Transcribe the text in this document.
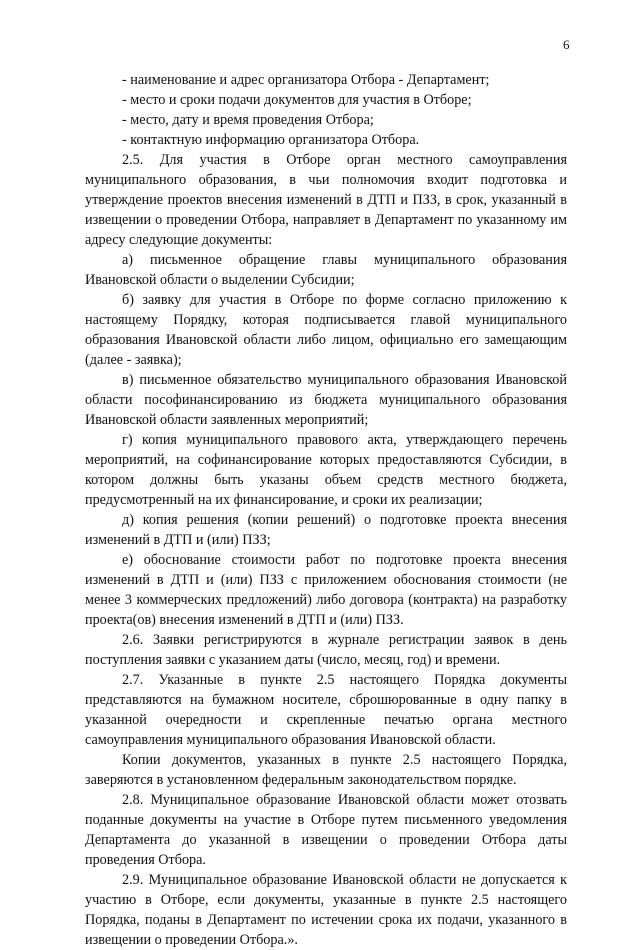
6

- наименование и адрес организатора Отбора - Департамент;

- место и сроки подачи документов для участия в Отборе;

- место, дату и время проведения Отбора;

- контактную информацию организатора Отбора.

2.5. Для участия в Отборе орган местного самоуправления муниципального образования, в чьи полномочия входит подготовка и утверждение проектов внесения изменений в ДТП и ПЗЗ, в срок, указанный в извещении о проведении Отбора, направляет в Департамент по указанному им адресу следующие документы:

а) письменное обращение главы муниципального образования Ивановской области о выделении Субсидии;

б) заявку для участия в Отборе по форме согласно приложению к настоящему Порядку, которая подписывается главой муниципального образования Ивановской области либо лицом, официально его замещающим (далее - заявка);

в) письменное обязательство муниципального образования Ивановской области пософинансированию из бюджета муниципального образования Ивановской области заявленных мероприятий;

г) копия муниципального правового акта, утверждающего перечень мероприятий, на софинансирование которых предоставляются Субсидии, в котором должны быть указаны объем средств местного бюджета, предусмотренный на их финансирование, и сроки их реализации;

д) копия решения (копии решений) о подготовке проекта внесения изменений в ДТП и (или) ПЗЗ;

е) обоснование стоимости работ по подготовке проекта внесения изменений в ДТП и (или) ПЗЗ с приложением обоснования стоимости (не менее 3 коммерческих предложений) либо договора (контракта) на разработку проекта(ов) внесения изменений в ДТП и (или) ПЗЗ.

2.6. Заявки регистрируются в журнале регистрации заявок в день поступления заявки с указанием даты (число, месяц, год) и времени.

2.7. Указанные в пункте 2.5 настоящего Порядка документы представляются на бумажном носителе, сброшюрованные в одну папку в указанной очередности и скрепленные печатью органа местного самоуправления муниципального образования Ивановской области.

Копии документов, указанных в пункте 2.5 настоящего Порядка, заверяются в установленном федеральным законодательством порядке.

2.8. Муниципальное образование Ивановской области может отозвать поданные документы на участие в Отборе путем письменного уведомления Департамента до указанной в извещении о проведении Отбора даты проведения Отбора.

2.9. Муниципальное образование Ивановской области не допускается к участию в Отборе, если документы, указанные в пункте 2.5 настоящего Порядка, поданы в Департамент по истечении срока их подачи, указанного в извещении о проведении Отбора.».
